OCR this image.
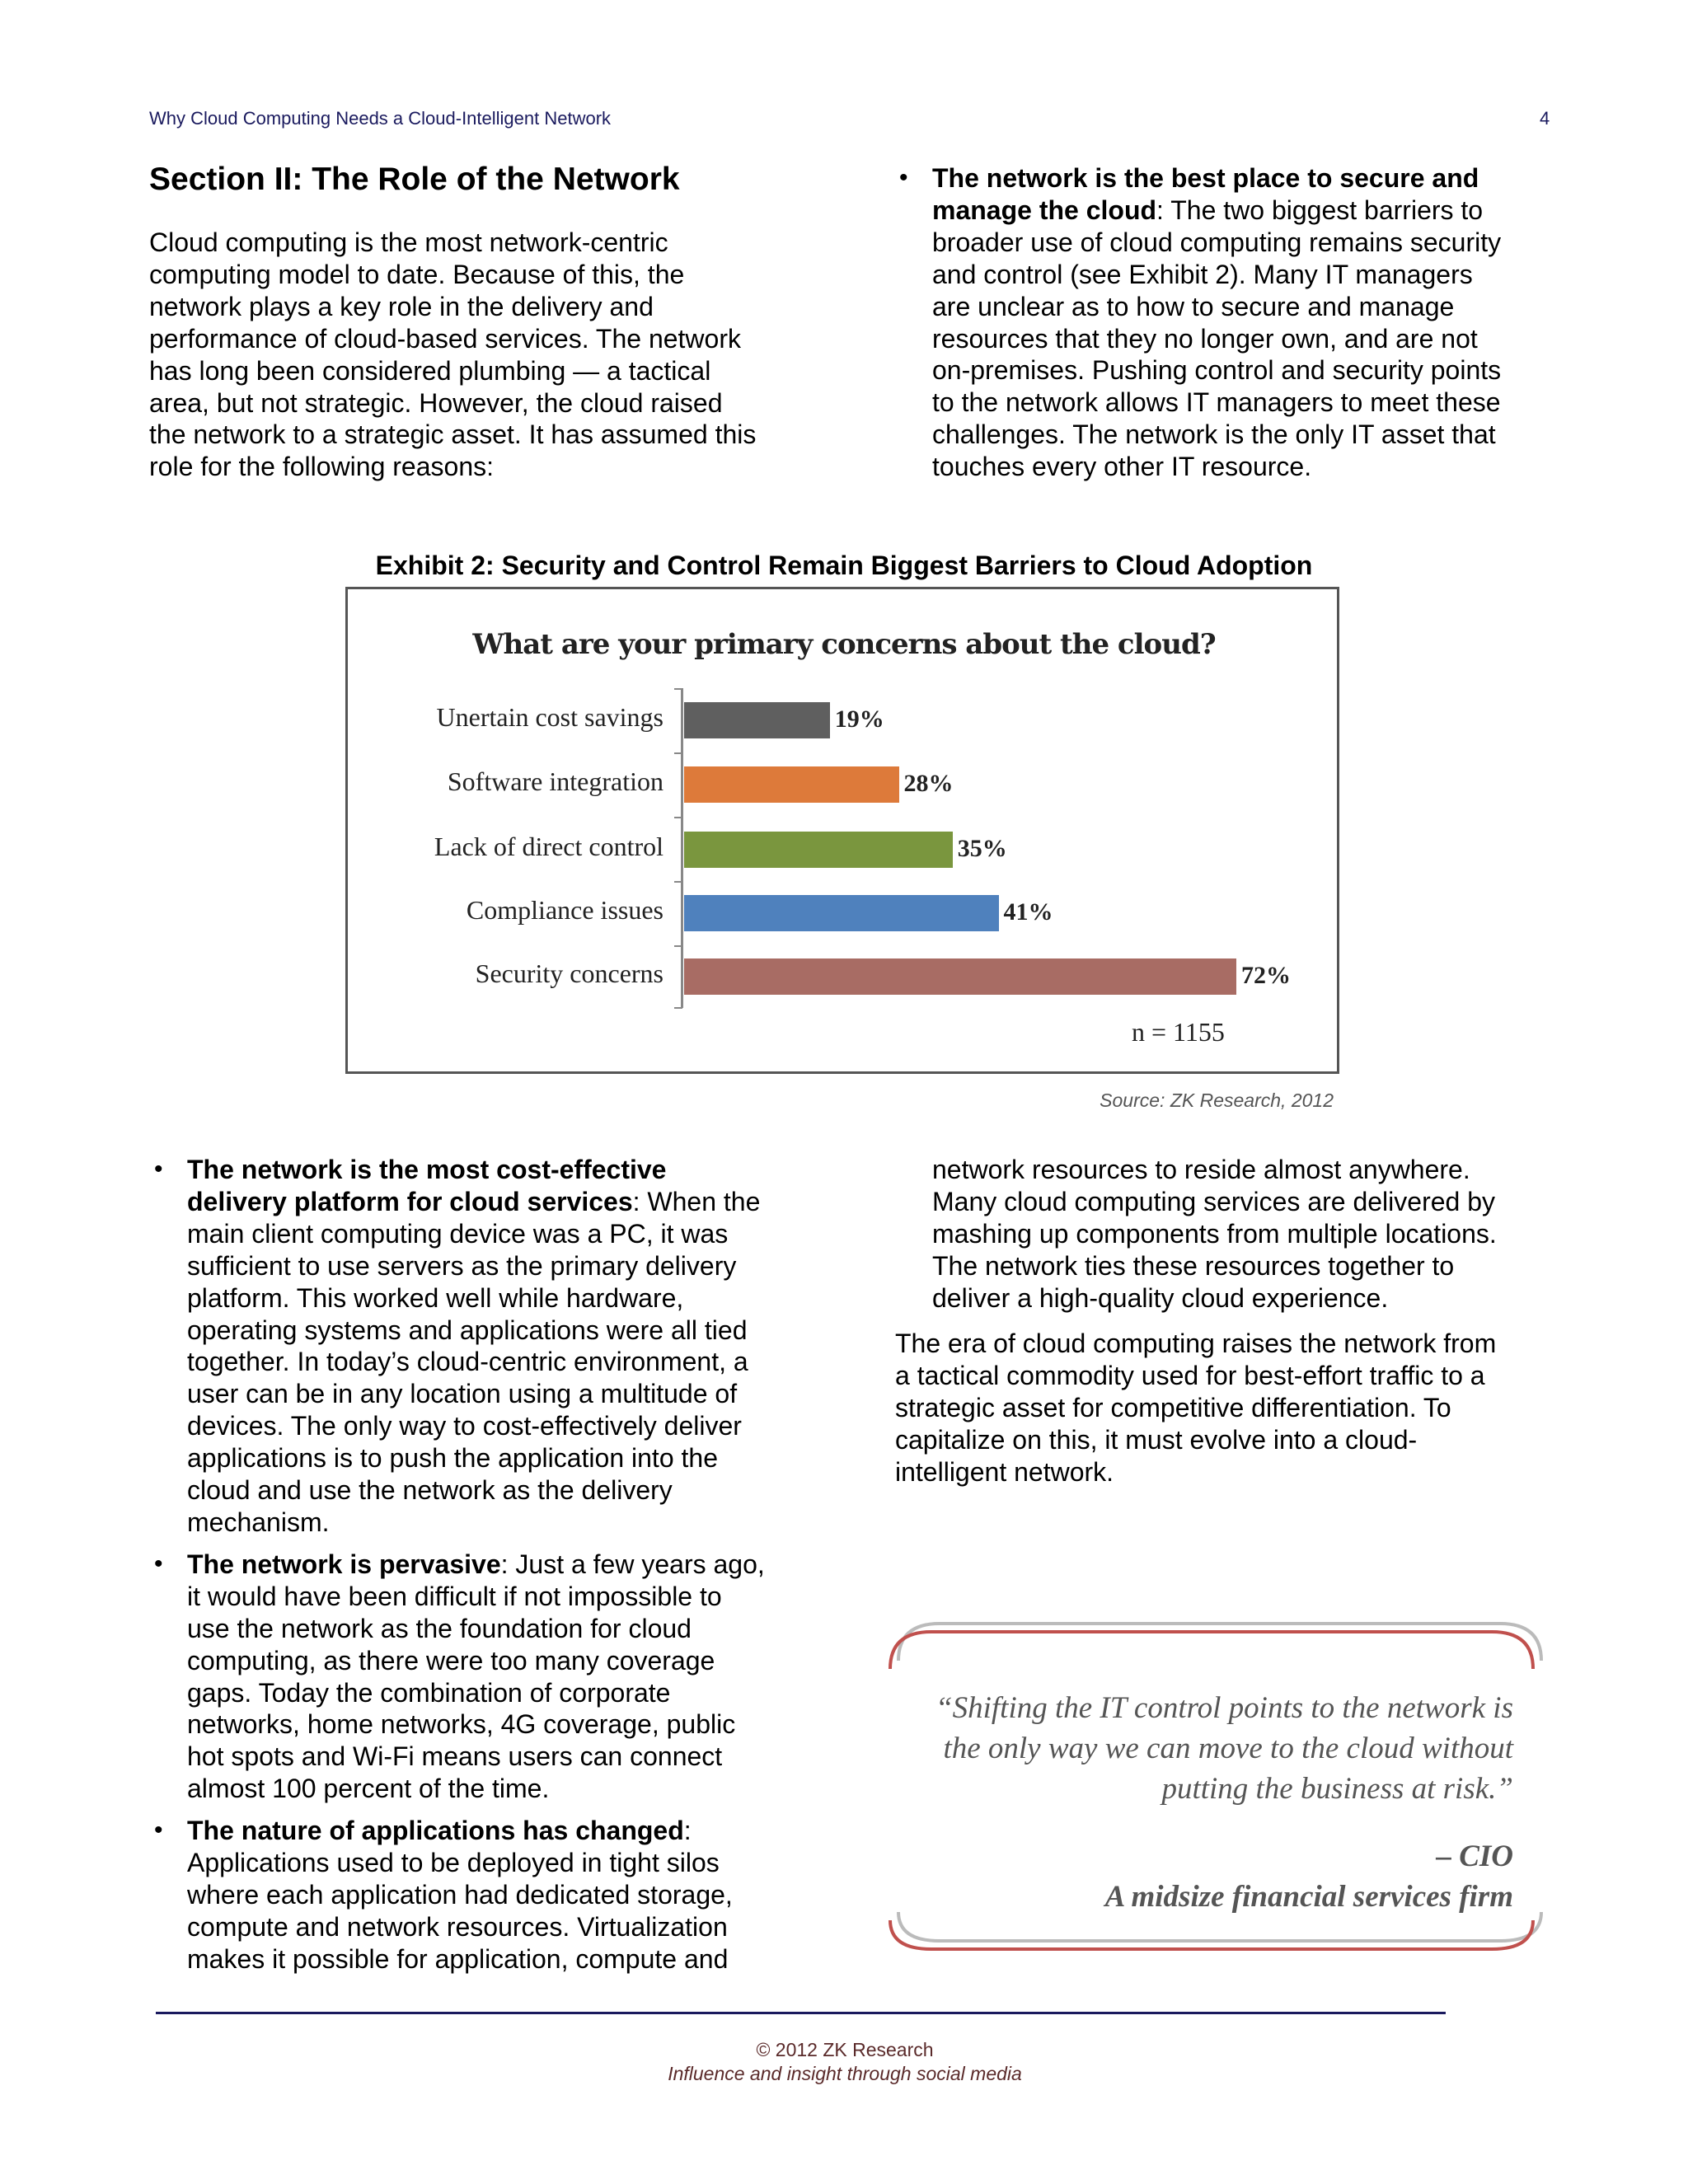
Why Cloud Computing Needs a Cloud-Intelligent Network	4
Section II: The Role of the Network
Cloud computing is the most network-centric
computing model to date. Because of this, the
network plays a key role in the delivery and
performance of cloud-based services. The network
has long been considered plumbing — a tactical
area, but not strategic. However, the cloud raised
the network to a strategic asset. It has assumed this
role for the following reasons:
• The network is the best place to secure and
manage the cloud: The two biggest barriers to
broader use of cloud computing remains security
and control (see Exhibit 2). Many IT managers
are unclear as to how to secure and manage
resources that they no longer own, and are not
on-premises. Pushing control and security points
to the network allows IT managers to meet these
challenges. The network is the only IT asset that
touches every other IT resource.
Exhibit 2: Security and Control Remain Biggest Barriers to Cloud Adoption
What are your primary concerns about the cloud?
Unertain cost savings	19%
Software integration	28%
Lack of direct control	35%
Compliance issues	41%
Security concerns	72%
n = 1155
Source: ZK Research, 2012
• The network is the most cost-effective
delivery platform for cloud services: When the
main client computing device was a PC, it was
sufficient to use servers as the primary delivery
platform. This worked well while hardware,
operating systems and applications were all tied
together. In today’s cloud-centric environment, a
user can be in any location using a multitude of
devices. The only way to cost-effectively deliver
applications is to push the application into the
cloud and use the network as the delivery
mechanism.
• The network is pervasive: Just a few years ago,
it would have been difficult if not impossible to
use the network as the foundation for cloud
computing, as there were too many coverage
gaps. Today the combination of corporate
networks, home networks, 4G coverage, public
hot spots and Wi-Fi means users can connect
almost 100 percent of the time.
• The nature of applications has changed:
Applications used to be deployed in tight silos
where each application had dedicated storage,
compute and network resources. Virtualization
makes it possible for application, compute and
network resources to reside almost anywhere.
Many cloud computing services are delivered by
mashing up components from multiple locations.
The network ties these resources together to
deliver a high-quality cloud experience.
The era of cloud computing raises the network from
a tactical commodity used for best-effort traffic to a
strategic asset for competitive differentiation. To
capitalize on this, it must evolve into a cloud-
intelligent network.
“Shifting the IT control points to the network is
the only way we can move to the cloud without
putting the business at risk.”
– CIO
A midsize financial services firm
© 2012 ZK Research
Influence and insight through social media
